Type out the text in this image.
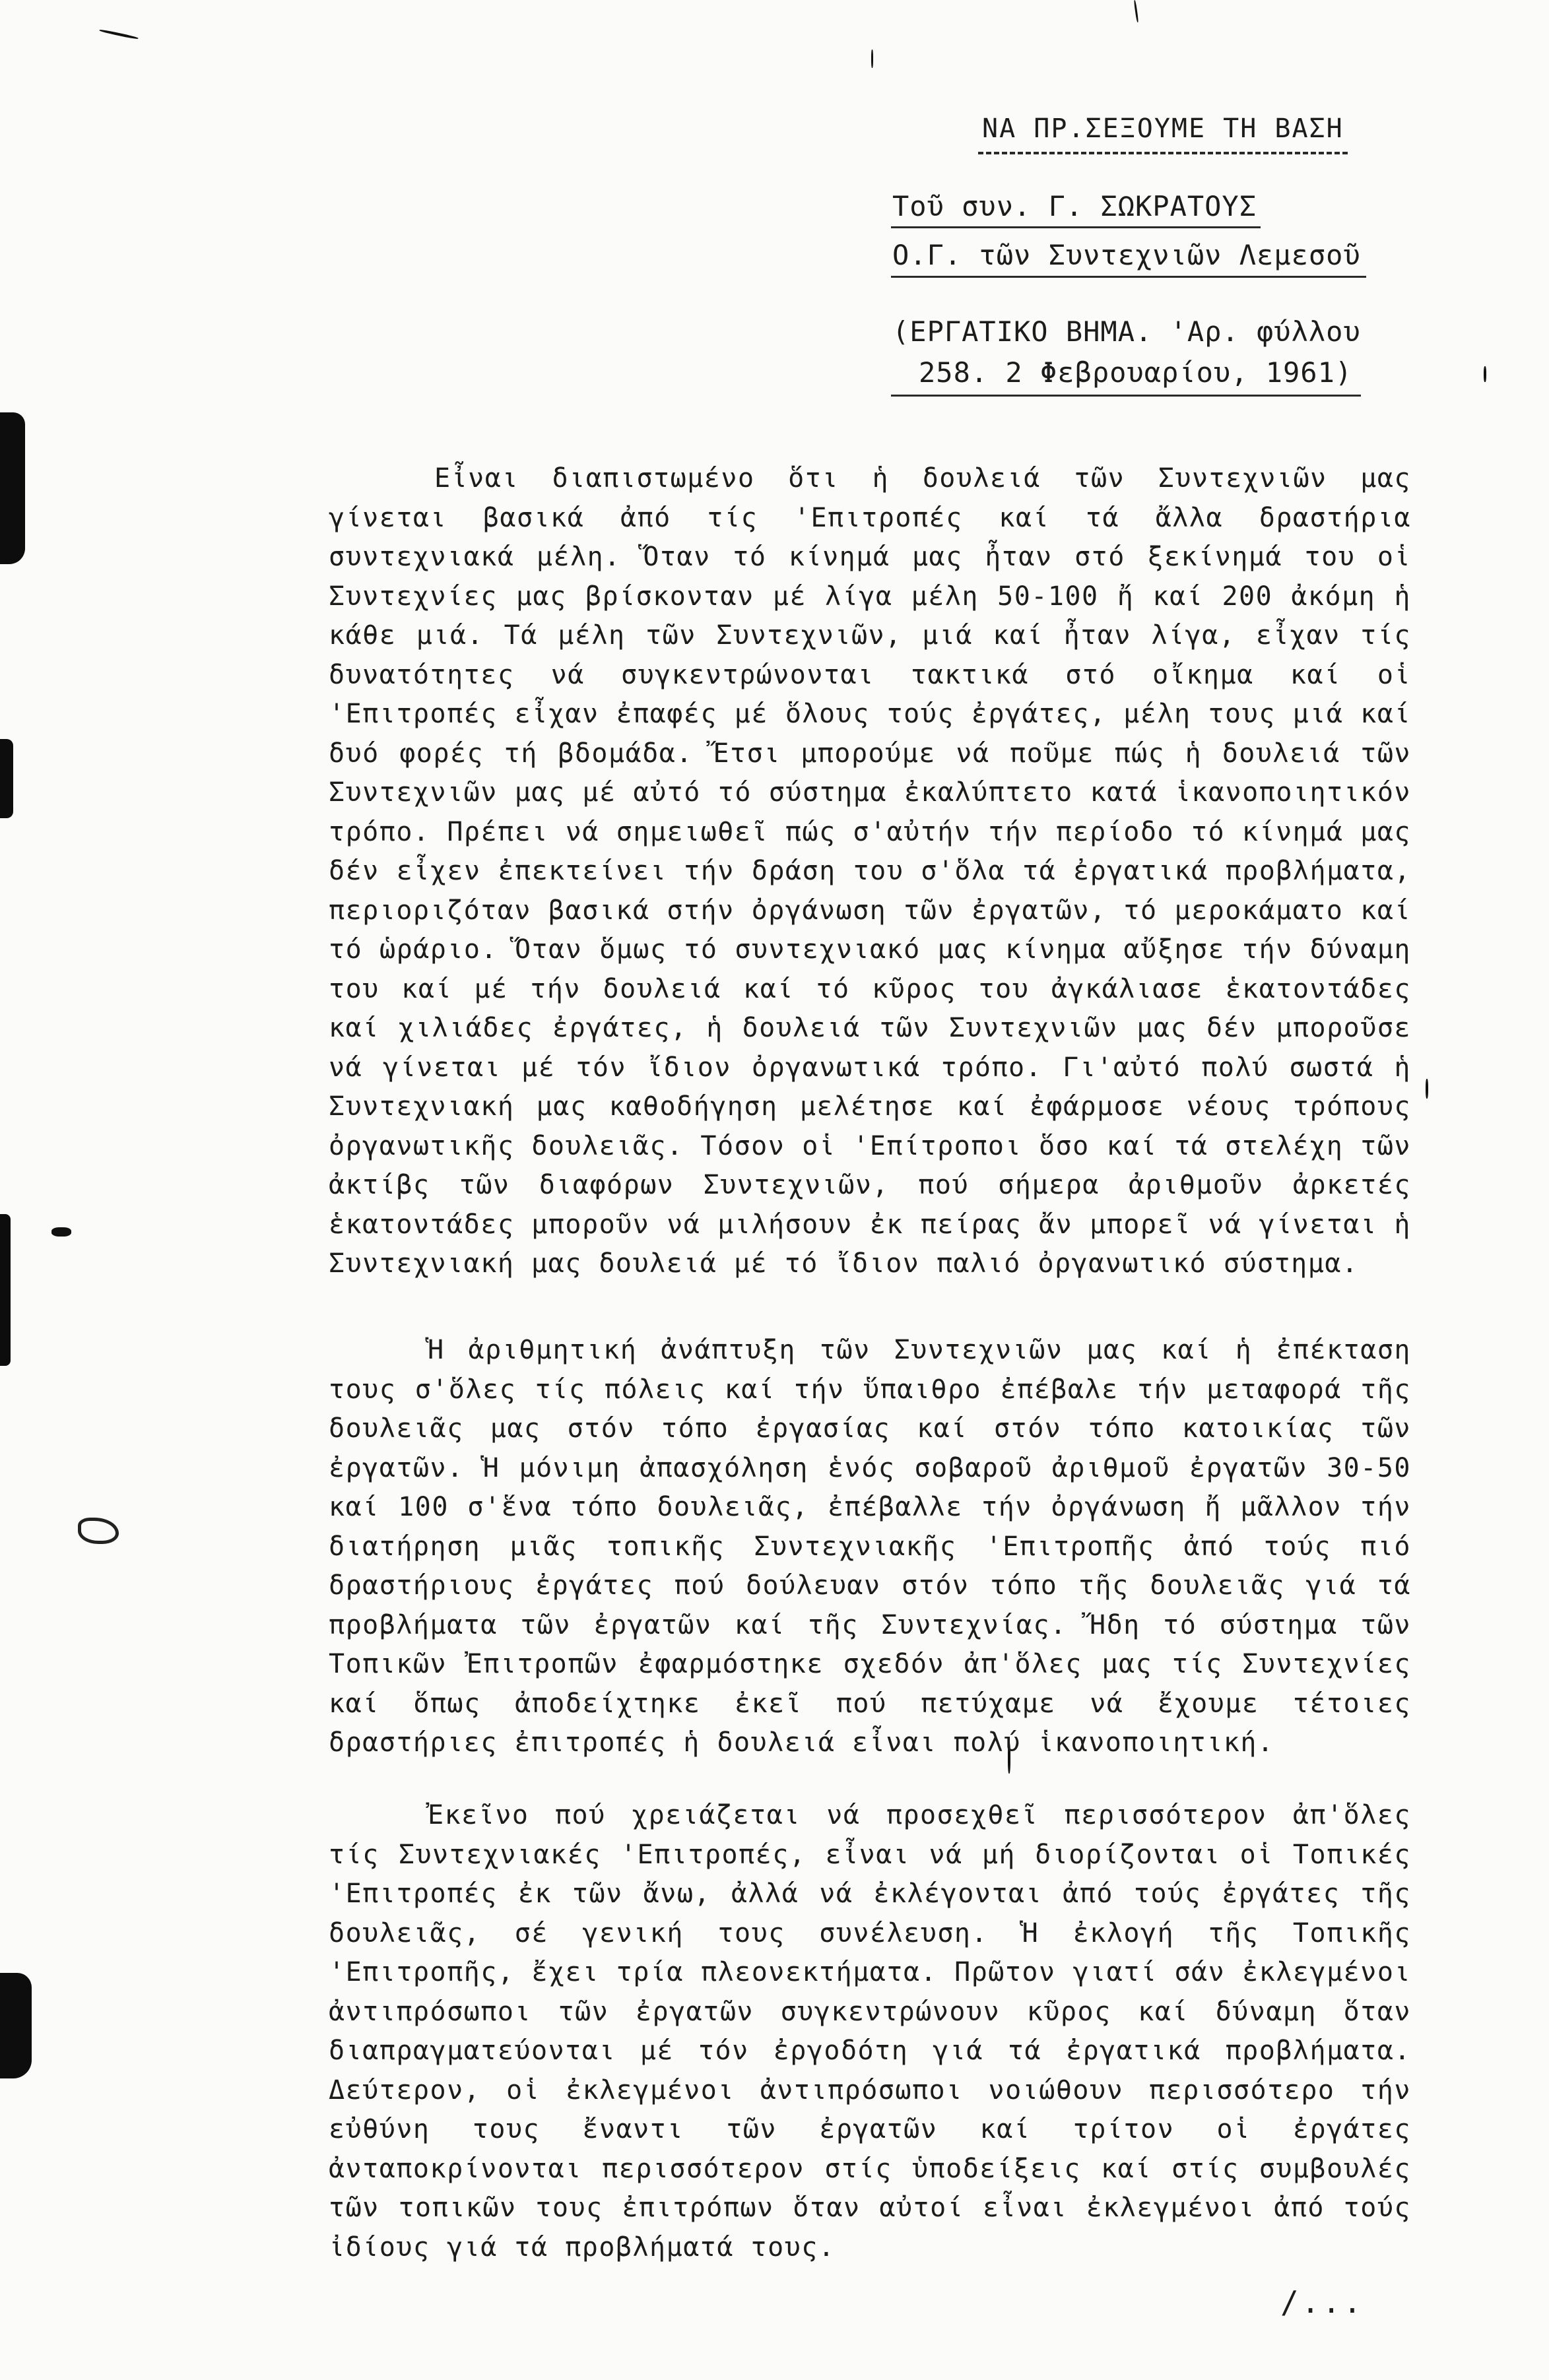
ΝΑ ΠΡ.ΣΕΞΟΥΜΕ ΤΗ ΒΑΣΗ
Τοῦ συν. Γ. ΣΩΚΡΑΤΟΥΣ
Ο.Γ. τῶν Συντεχνιῶν Λεμεσοῦ
(ΕΡΓΑΤΙΚΟ ΒΗΜΑ. 'Αρ. φύλλου
258. 2 Φεβρουαρίου, 1961)

Εἶναι διαπιστωμένο ὅτι ἡ δουλειά τῶν Συντεχνιῶν μας γίνεται βασικά ἀπό τίς 'Επιτροπές καί τά ἄλλα δραστήρια συντεχνιακά μέλη. Ὅταν τό κίνημά μας ἦταν στό ξεκίνημά του οἱ Συντεχνίες μας βρίσκονταν μέ λίγα μέλη 50-100 ἤ καί 200 ἀκόμη ἡ κάθε μιά. Τά μέλη τῶν Συντεχνιῶν, μιά καί ἦταν λίγα, εἶχαν τίς δυνατότητες νά συγκεντρώνονται τακτικά στό οἴκημα καί οἱ 'Επιτροπές εἶχαν ἐπαφές μέ ὅλους τούς ἐργάτες, μέλη τους μιά καί δυό φορές τή βδομάδα. Ἔτσι μπορούμε νά ποῦμε πώς ἡ δουλειά τῶν Συντεχνιῶν μας μέ αὐτό τό σύστημα ἐκαλύπτετο κατά ἱκανοποιητικόν τρόπο. Πρέπει νά σημειωθεῖ πώς σ'αὐτήν τήν περίοδο τό κίνημά μας δέν εἶχεν ἐπεκτείνει τήν δράση του σ'ὅλα τά ἐργατικά προβλήματα, περιοριζόταν βασικά στήν ὀργάνωση τῶν ἐργατῶν, τό μεροκάματο καί τό ὡράριο. Ὅταν ὅμως τό συντεχνιακό μας κίνημα αὔξησε τήν δύναμη του καί μέ τήν δουλειά καί τό κῦρος του ἀγκάλιασε ἑκατοντάδες καί χιλιάδες ἐργάτες, ἡ δουλειά τῶν Συντεχνιῶν μας δέν μποροῦσε νά γίνεται μέ τόν ἴδιον ὀργανωτικά τρόπο. Γι'αὐτό πολύ σωστά ἡ Συντεχνιακή μας καθοδήγηση μελέτησε καί ἐφάρμοσε νέους τρόπους ὀργανωτικῆς δουλειᾶς. Τόσον οἱ 'Επίτροποι ὅσο καί τά στελέχη τῶν ἀκτίβς τῶν διαφόρων Συντεχνιῶν, πού σήμερα ἀριθμοῦν ἀρκετές ἑκατοντάδες μποροῦν νά μιλήσουν ἐκ πείρας ἄν μπορεῖ νά γίνεται ἡ Συντεχνιακή μας δουλειά μέ τό ἴδιον παλιό ὀργανωτικό σύστημα.

Ἡ ἀριθμητική ἀνάπτυξη τῶν Συντεχνιῶν μας καί ἡ ἐπέκταση τους σ'ὅλες τίς πόλεις καί τήν ὕπαιθρο ἐπέβαλε τήν μεταφορά τῆς δουλειᾶς μας στόν τόπο ἐργασίας καί στόν τόπο κατοικίας τῶν ἐργατῶν. Ἡ μόνιμη ἀπασχόληση ἑνός σοβαροῦ ἀριθμοῦ ἐργατῶν 30-50 καί 100 σ'ἕνα τόπο δουλειᾶς, ἐπέβαλλε τήν ὀργάνωση ἤ μᾶλλον τήν διατήρηση μιᾶς τοπικῆς Συντεχνιακῆς 'Επιτροπῆς ἀπό τούς πιό δραστήριους ἐργάτες πού δούλευαν στόν τόπο τῆς δουλειᾶς γιά τά προβλήματα τῶν ἐργατῶν καί τῆς Συντεχνίας. Ἤδη τό σύστημα τῶν Τοπικῶν Ἐπιτροπῶν ἐφαρμόστηκε σχεδόν ἀπ'ὅλες μας τίς Συντεχνίες καί ὅπως ἀποδείχτηκε ἐκεῖ πού πετύχαμε νά ἔχουμε τέτοιες δραστήριες ἐπιτροπές ἡ δουλειά εἶναι πολύ ἱκανοποιητική.

Ἐκεῖνο πού χρειάζεται νά προσεχθεῖ περισσότερον ἀπ'ὅλες τίς Συντεχνιακές 'Επιτροπές, εἶναι νά μή διορίζονται οἱ Τοπικές 'Επιτροπές ἐκ τῶν ἄνω, ἀλλά νά ἐκλέγονται ἀπό τούς ἐργάτες τῆς δουλειᾶς, σέ γενική τους συνέλευση. Ἡ ἐκλογή τῆς Τοπικῆς 'Επιτροπῆς, ἔχει τρία πλεονεκτήματα. Πρῶτον γιατί σάν ἐκλεγμένοι ἀντιπρόσωποι τῶν ἐργατῶν συγκεντρώνουν κῦρος καί δύναμη ὅταν διαπραγματεύονται μέ τόν ἐργοδότη γιά τά ἐργατικά προβλήματα. Δεύτερον, οἱ ἐκλεγμένοι ἀντιπρόσωποι νοιώθουν περισσότερο τήν εὐθύνη τους ἔναντι τῶν ἐργατῶν καί τρίτον οἱ ἐργάτες ἀνταποκρίνονται περισσότερον στίς ὑποδείξεις καί στίς συμβουλές τῶν τοπικῶν τους ἐπιτρόπων ὅταν αὐτοί εἶναι ἐκλεγμένοι ἀπό τούς ἰδίους γιά τά προβλήματά τους.

/...
